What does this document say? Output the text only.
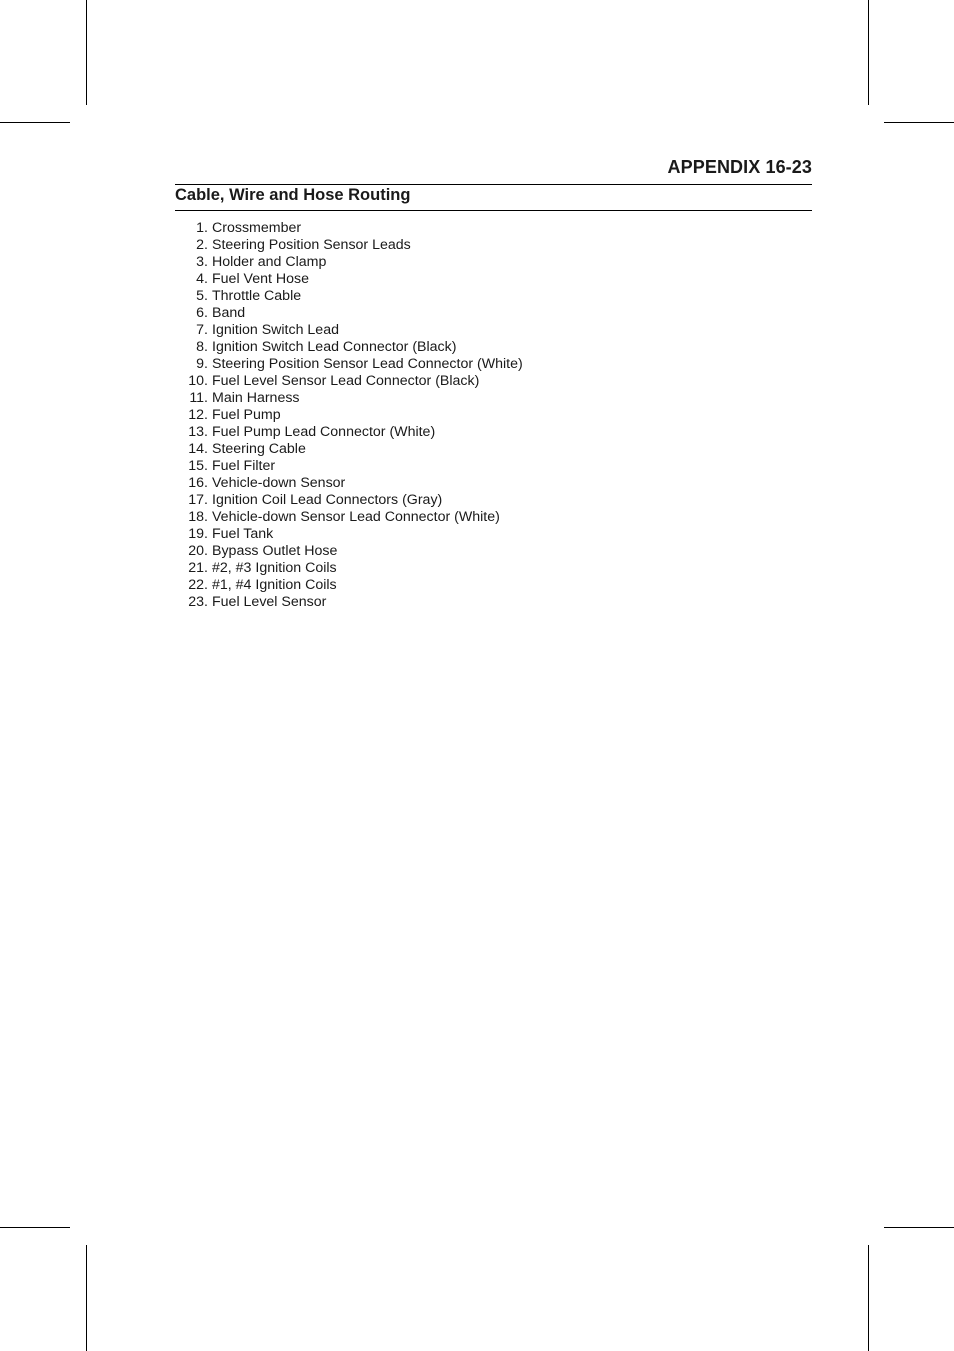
APPENDIX 16-23
Cable, Wire and Hose Routing
1. Crossmember
2. Steering Position Sensor Leads
3. Holder and Clamp
4. Fuel Vent Hose
5. Throttle Cable
6. Band
7. Ignition Switch Lead
8. Ignition Switch Lead Connector (Black)
9. Steering Position Sensor Lead Connector (White)
10. Fuel Level Sensor Lead Connector (Black)
11. Main Harness
12. Fuel Pump
13. Fuel Pump Lead Connector (White)
14. Steering Cable
15. Fuel Filter
16. Vehicle-down Sensor
17. Ignition Coil Lead Connectors (Gray)
18. Vehicle-down Sensor Lead Connector (White)
19. Fuel Tank
20. Bypass Outlet Hose
21. #2, #3 Ignition Coils
22. #1, #4 Ignition Coils
23. Fuel Level Sensor
